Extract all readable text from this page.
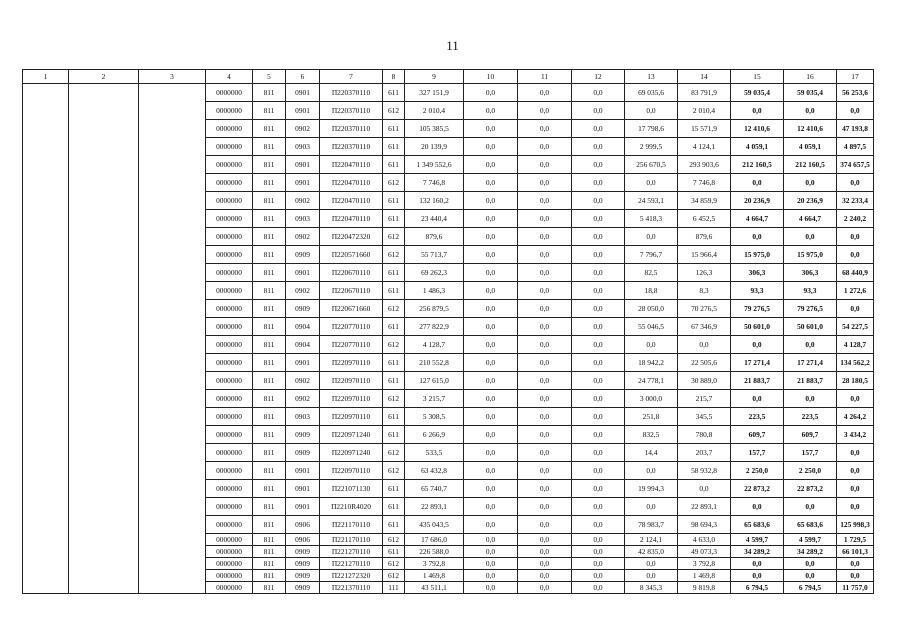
11
1	2	3	4	5	6	7	8	9	10	11	12	13	14	15	16	17
			0000000	811	0901	П220370110	611	327 151,9	0,0	0,0	0,0	69 035,6	83 791,9	59 035,4	59 035,4	56 253,6
			0000000	811	0901	П220370110	612	2 010,4	0,0	0,0	0,0	0,0	2 010,4	0,0	0,0	0,0
			0000000	811	0902	П220370110	611	105 385,5	0,0	0,0	0,0	17 798,6	15 571,9	12 410,6	12 410,6	47 193,8
			0000000	811	0903	П220370110	611	20 139,9	0,0	0,0	0,0	2 999,5	4 124,1	4 059,1	4 059,1	4 897,5
			0000000	811	0901	П220470110	611	1 349 552,6	0,0	0,0	0,0	256 670,5	293 903,6	212 160,5	212 160,5	374 657,5
			0000000	811	0901	П220470110	612	7 746,8	0,0	0,0	0,0	0,0	7 746,8	0,0	0,0	0,0
			0000000	811	0902	П220470110	611	132 160,2	0,0	0,0	0,0	24 593,1	34 859,9	20 236,9	20 236,9	32 233,4
			0000000	811	0903	П220470110	611	23 440,4	0,0	0,0	0,0	5 418,3	6 452,5	4 664,7	4 664,7	2 240,2
			0000000	811	0902	П220472320	612	879,6	0,0	0,0	0,0	0,0	879,6	0,0	0,0	0,0
			0000000	811	0909	П220571660	612	55 713,7	0,0	0,0	0,0	7 796,7	15 966,4	15 975,0	15 975,0	0,0
			0000000	811	0901	П220670110	611	69 262,3	0,0	0,0	0,0	82,5	126,3	306,3	306,3	68 440,9
			0000000	811	0902	П220670110	611	1 486,3	0,0	0,0	0,0	18,8	8,3	93,3	93,3	1 272,6
			0000000	811	0909	П220671660	612	256 879,5	0,0	0,0	0,0	28 050,0	70 276,5	79 276,5	79 276,5	0,0
			0000000	811	0904	П220770110	611	277 822,9	0,0	0,0	0,0	55 046,5	67 346,9	50 601,0	50 601,0	54 227,5
			0000000	811	0904	П220770110	612	4 128,7	0,0	0,0	0,0	0,0	0,0	0,0	0,0	4 128,7
			0000000	811	0901	П220970110	611	210 552,8	0,0	0,0	0,0	18 942,2	22 505,6	17 271,4	17 271,4	134 562,2
			0000000	811	0902	П220970110	611	127 615,0	0,0	0,0	0,0	24 778,1	30 889,0	21 883,7	21 883,7	28 180,5
			0000000	811	0902	П220970110	612	3 215,7	0,0	0,0	0,0	3 000,0	215,7	0,0	0,0	0,0
			0000000	811	0903	П220970110	611	5 308,5	0,0	0,0	0,0	251,8	345,5	223,5	223,5	4 264,2
			0000000	811	0909	П220971240	611	6 266,9	0,0	0,0	0,0	832,5	780,8	609,7	609,7	3 434,2
			0000000	811	0909	П220971240	612	533,5	0,0	0,0	0,0	14,4	203,7	157,7	157,7	0,0
			0000000	811	0901	П220970110	612	63 432,8	0,0	0,0	0,0	0,0	58 932,8	2 250,0	2 250,0	0,0
			0000000	811	0901	П221071130	611	65 740,7	0,0	0,0	0,0	19 994,3	0,0	22 873,2	22 873,2	0,0
			0000000	811	0901	П2210R4020	611	22 893,1	0,0	0,0	0,0	0,0	22 893,1	0,0	0,0	0,0
			0000000	811	0906	П221170110	611	435 043,5	0,0	0,0	0,0	78 983,7	98 694,3	65 683,6	65 683,6	125 998,3
			0000000	811	0906	П221170110	612	17 686,0	0,0	0,0	0,0	2 124,1	4 633,0	4 599,7	4 599,7	1 729,5
			0000000	811	0909	П221270110	611	226 588,0	0,0	0,0	0,0	42 835,0	49 073,3	34 289,2	34 289,2	66 101,3
			0000000	811	0909	П221270110	612	3 792,8	0,0	0,0	0,0	0,0	3 792,8	0,0	0,0	0,0
			0000000	811	0909	П221272320	612	1 469,8	0,0	0,0	0,0	0,0	1 469,8	0,0	0,0	0,0
			0000000	811	0909	П221370110	111	43 511,1	0,0	0,0	0,0	8 345,3	9 819,8	6 794,5	6 794,5	11 757,0
